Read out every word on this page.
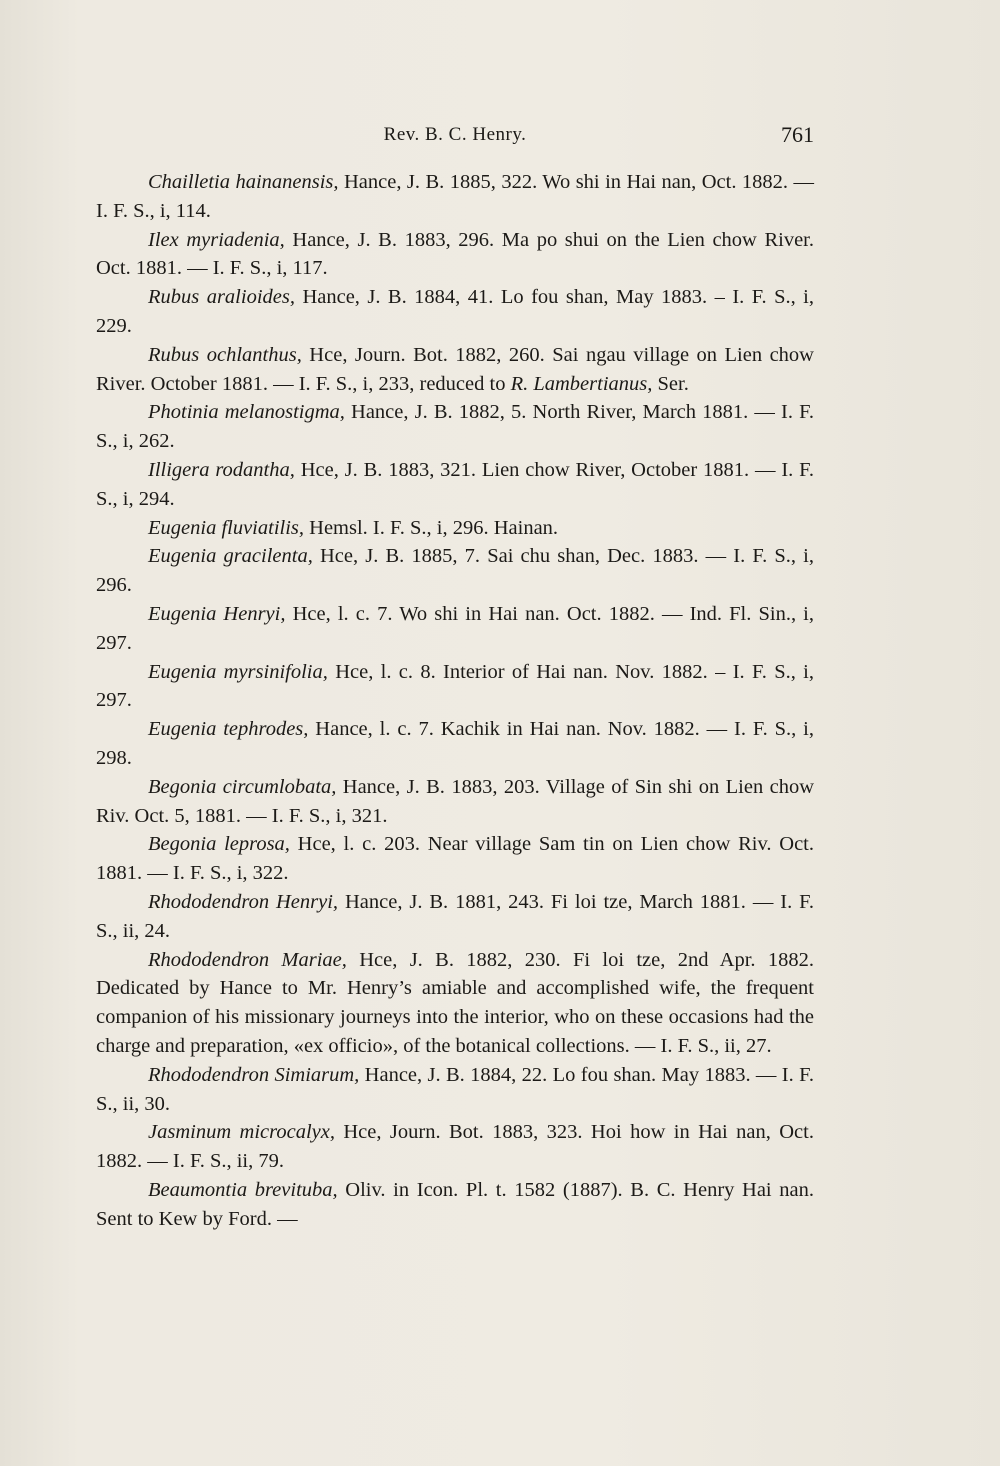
Rev. B. C. Henry.	761

Chailletia hainanensis, Hance, J. B. 1885, 322. Wo shi in Hai nan, Oct. 1882. — I. F. S., i, 114.

Ilex myriadenia, Hance, J. B. 1883, 296. Ma po shui on the Lien chow River. Oct. 1881. — I. F. S., i, 117.

Rubus aralioides, Hance, J. B. 1884, 41. Lo fou shan, May 1883. – I. F. S., i, 229.

Rubus ochlanthus, Hce, Journ. Bot. 1882, 260. Sai ngau village on Lien chow River. October 1881. — I. F. S., i, 233, reduced to R. Lambertianus, Ser.

Photinia melanostigma, Hance, J. B. 1882, 5. North River, March 1881. — I. F. S., i, 262.

Illigera rodantha, Hce, J. B. 1883, 321. Lien chow River, October 1881. — I. F. S., i, 294.

Eugenia fluviatilis, Hemsl. I. F. S., i, 296. Hainan.

Eugenia gracilenta, Hce, J. B. 1885, 7. Sai chu shan, Dec. 1883. — I. F. S., i, 296.

Eugenia Henryi, Hce, l. c. 7. Wo shi in Hai nan. Oct. 1882. — Ind. Fl. Sin., i, 297.

Eugenia myrsinifolia, Hce, l. c. 8. Interior of Hai nan. Nov. 1882. – I. F. S., i, 297.

Eugenia tephrodes, Hance, l. c. 7. Kachik in Hai nan. Nov. 1882. — I. F. S., i, 298.

Begonia circumlobata, Hance, J. B. 1883, 203. Village of Sin shi on Lien chow Riv. Oct. 5, 1881. — I. F. S., i, 321.

Begonia leprosa, Hce, l. c. 203. Near village Sam tin on Lien chow Riv. Oct. 1881. — I. F. S., i, 322.

Rhododendron Henryi, Hance, J. B. 1881, 243. Fi loi tze, March 1881. — I. F. S., ii, 24.

Rhododendron Mariae, Hce, J. B. 1882, 230. Fi loi tze, 2nd Apr. 1882. Dedicated by Hance to Mr. Henry’s amiable and accomplished wife, the frequent companion of his missionary journeys into the interior, who on these occasions had the charge and preparation, «ex officio», of the botanical collections. — I. F. S., ii, 27.

Rhododendron Simiarum, Hance, J. B. 1884, 22. Lo fou shan. May 1883. — I. F. S., ii, 30.

Jasminum microcalyx, Hce, Journ. Bot. 1883, 323. Hoi how in Hai nan, Oct. 1882. — I. F. S., ii, 79.

Beaumontia brevituba, Oliv. in Icon. Pl. t. 1582 (1887). B. C. Henry Hai nan. Sent to Kew by Ford. —
